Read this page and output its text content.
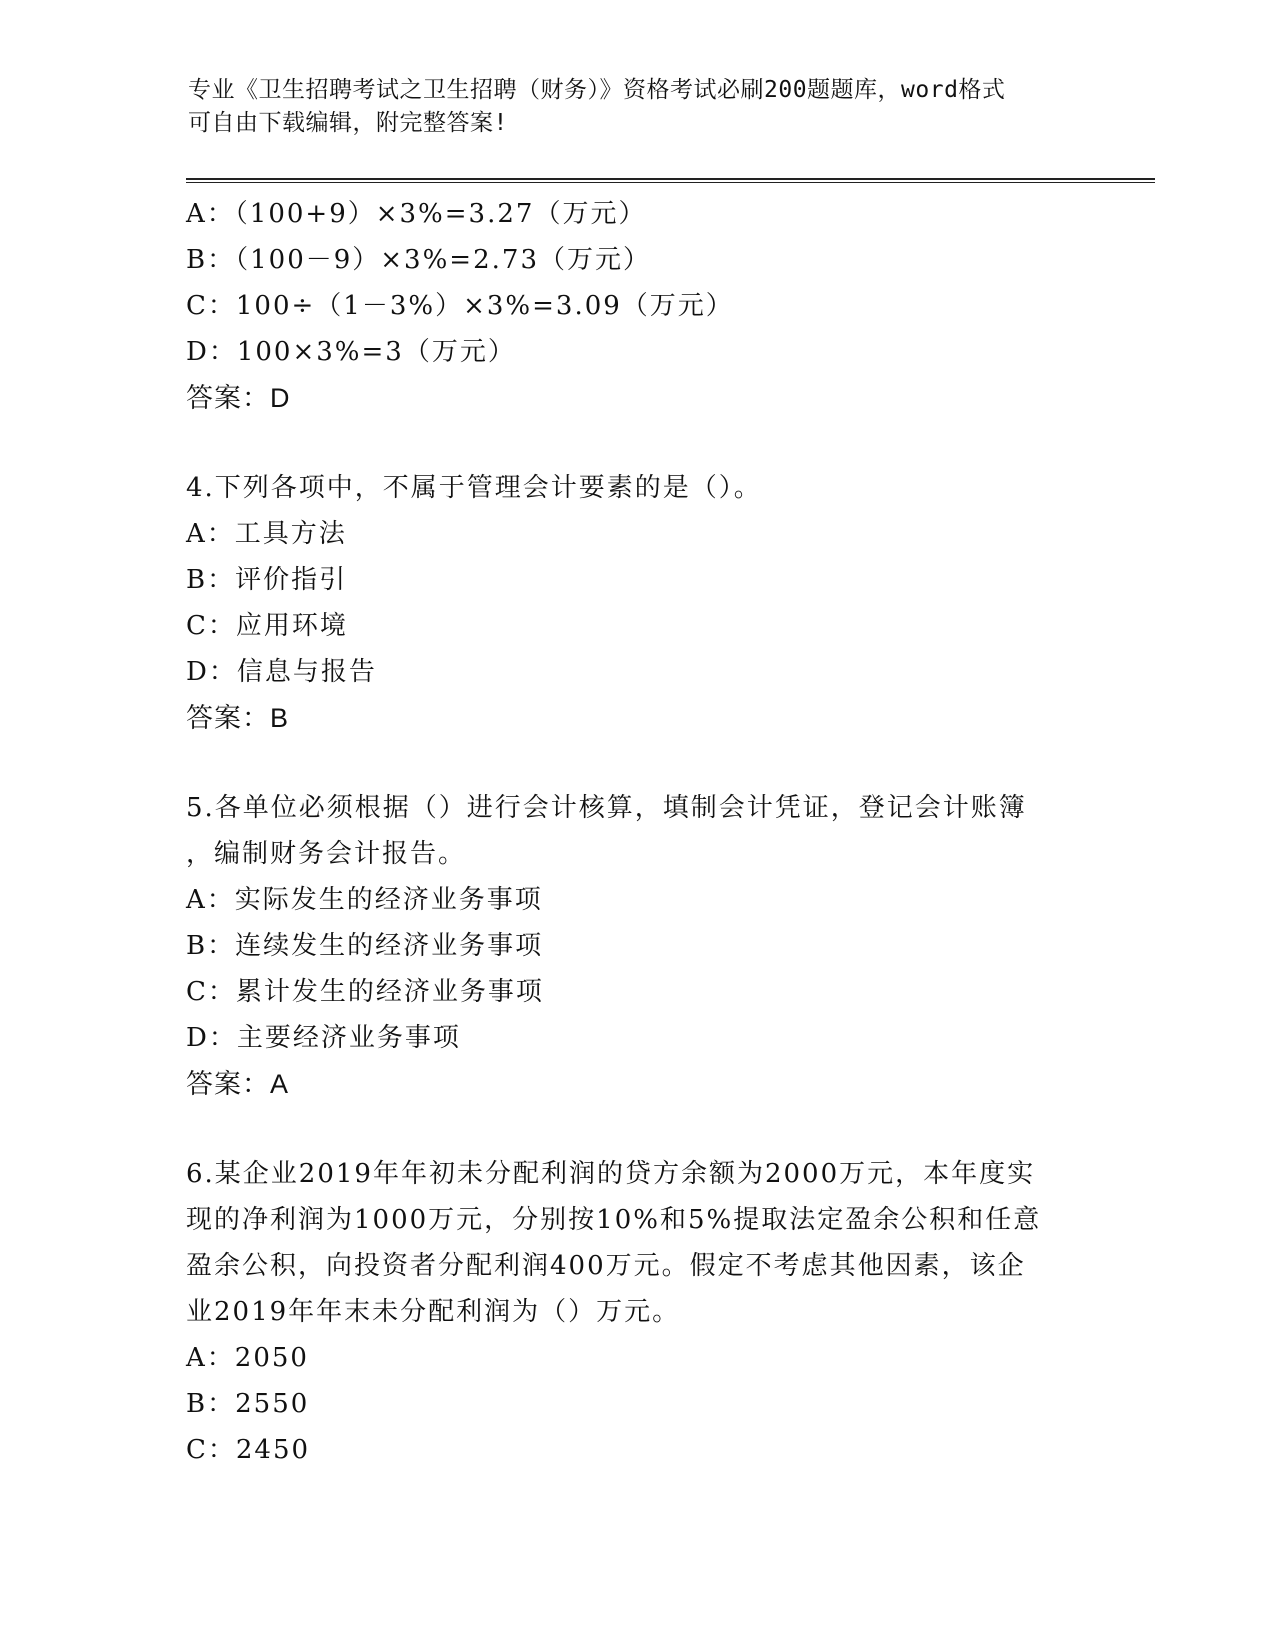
专业《卫生招聘考试之卫生招聘（财务）》资格考试必刷200题题库，word格式
可自由下载编辑，附完整答案!
A：（100+9）×3%=3.27（万元）
B：（100－9）×3%=2.73（万元）
C：100÷（1－3%）×3%=3.09（万元）
D：100×3%=3（万元）
答案：D
4.下列各项中，不属于管理会计要素的是（）。
A：工具方法
B：评价指引
C：应用环境
D：信息与报告
答案：B
5.各单位必须根据（）进行会计核算，填制会计凭证，登记会计账簿
，编制财务会计报告。
A：实际发生的经济业务事项
B：连续发生的经济业务事项
C：累计发生的经济业务事项
D：主要经济业务事项
答案：A
6.某企业2019年年初未分配利润的贷方余额为2000万元，本年度实
现的净利润为1000万元，分别按10%和5%提取法定盈余公积和任意
盈余公积，向投资者分配利润400万元。假定不考虑其他因素，该企
业2019年年末未分配利润为（）万元。
A：2050
B：2550
C：2450
